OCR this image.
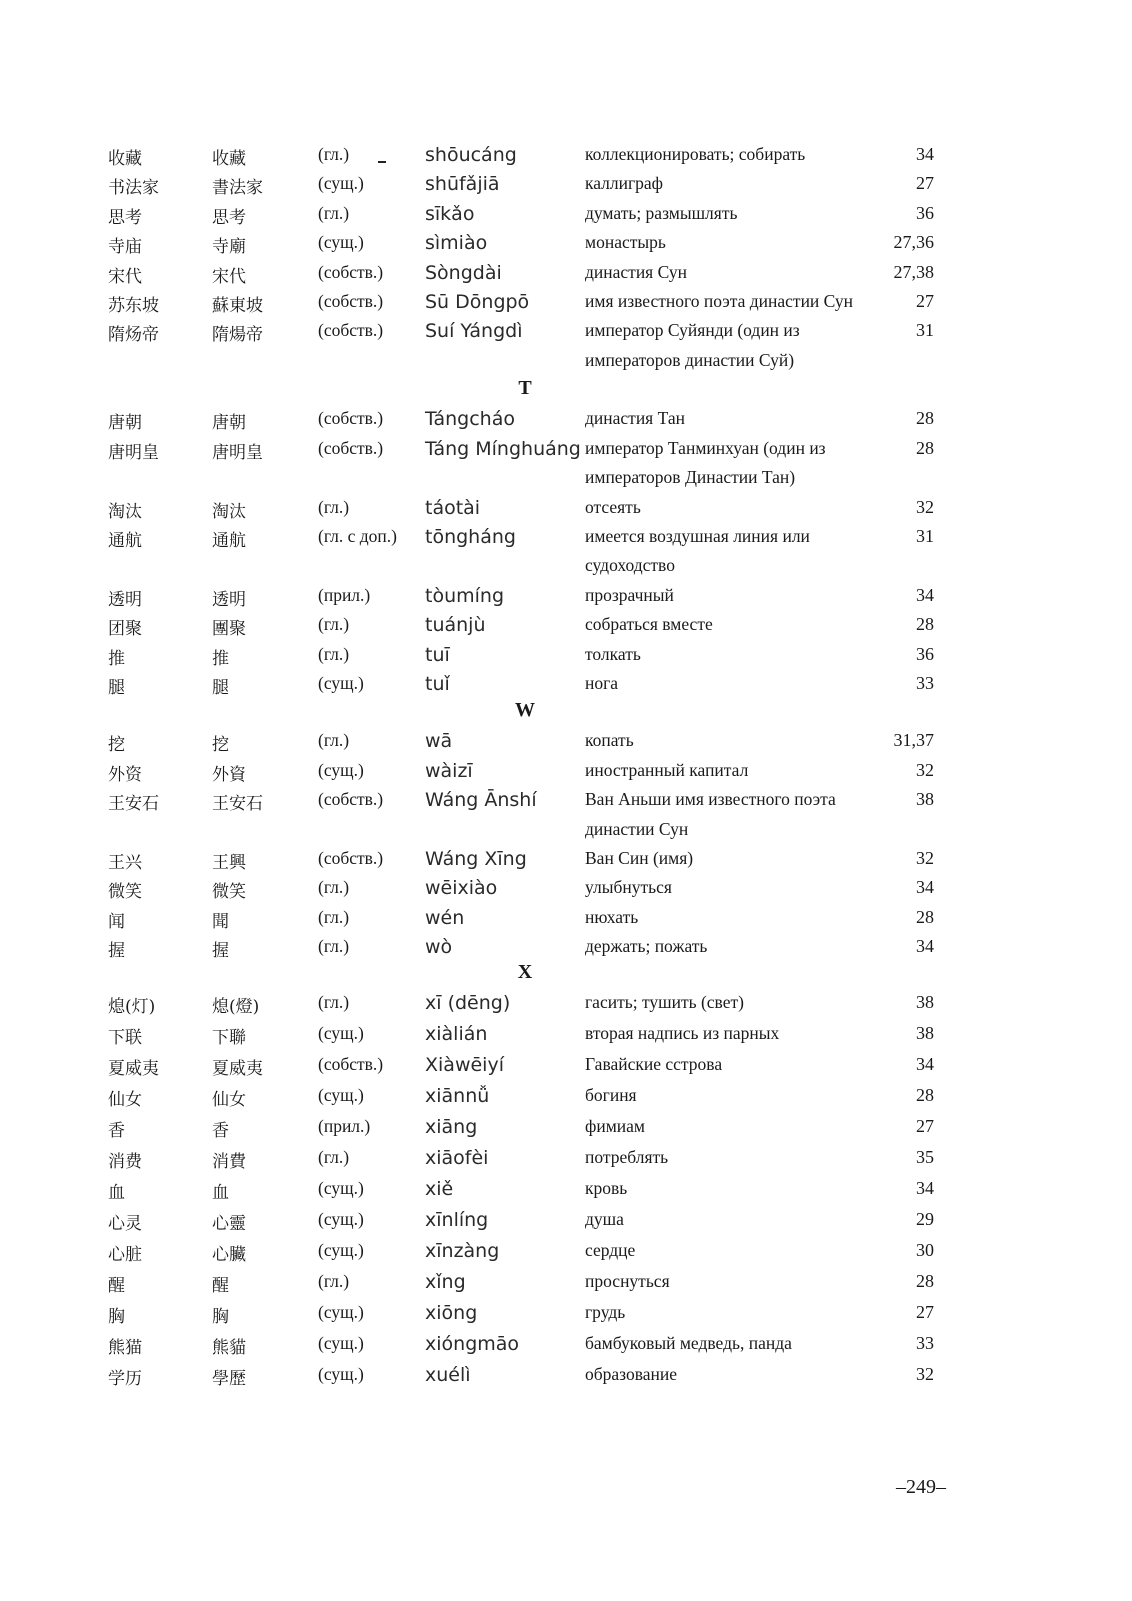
收藏	收藏	(гл.)	shōucáng	коллекционировать; собирать	34
书法家	書法家	(сущ.)	shūfǎjiā	каллиграф	27
思考	思考	(гл.)	sīkǎo	думать; размышлять	36
寺庙	寺廟	(сущ.)	sìmiào	монастырь	27,36
宋代	宋代	(собств.) Sòngdài	династия Сун	27,38
苏东坡	蘇東坡	(собств.) Sū Dōngpō	имя известного поэта династии Сун	27
隋炀帝	隋煬帝	(собств.) Suí Yángdì	император Суйянди (один из	31
императоров династии Суй)
T
唐朝	唐朝	(собств.) Tángcháo	династия Тан	28
唐明皇	唐明皇	(собств.) Táng Mínghuáng император Танминхуан (один из	28
императоров Династии Тан)
淘汰	淘汰	(гл.)	táotài	отсеять	32
通航	通航	(гл. с доп.) tōngháng	имеется воздушная линия или	31
судоходство
透明	透明	(прил.)	tòumíng	прозрачный	34
团聚	團聚	(гл.)	tuánjù	собраться вместе	28
推	推	(гл.)	tuī	толкать	36
腿	腿	(сущ.)	tuǐ	нога	33
W
挖	挖	(гл.)	wā	копать	31,37
外资	外資	(сущ.)	wàizī	иностранный капитал	32
王安石	王安石	(собств.) Wáng Ānshí	Ван Аньши имя известного поэта	38
династии Сун
王兴	王興	(собств.) Wáng Xīng	Ван Син (имя)	32
微笑	微笑	(гл.)	wēixiào	улыбнуться	34
闻	聞	(гл.)	wén	нюхать	28
握	握	(гл.)	wò	держать; пожать	34
X
熄(灯)	熄(燈)	(гл.)	xī (dēng)	гасить; тушить (свет)	38
下联	下聯	(сущ.)	xiàlián	вторая надпись из парных	38
夏威夷	夏威夷	(собств.) Xiàwēiyí	Гавайские сстрова	34
仙女	仙女	(сущ.)	xiānnǚ	богиня	28
香	香	(прил.)	xiāng	фимиам	27
消费	消費	(гл.)	xiāofèi	потреблять	35
血	血	(сущ.)	xiě	кровь	34
心灵	心靈	(сущ.)	xīnlíng	душа	29
心脏	心臟	(сущ.)	xīnzàng	сердце	30
醒	醒	(гл.)	xǐng	проснуться	28
胸	胸	(сущ.)	xiōng	грудь	27
熊猫	熊貓	(сущ.)	xióngmāo	бамбуковый медведь, панда	33
学历	學歷	(сущ.)	xuélì	образование	32
–249–
